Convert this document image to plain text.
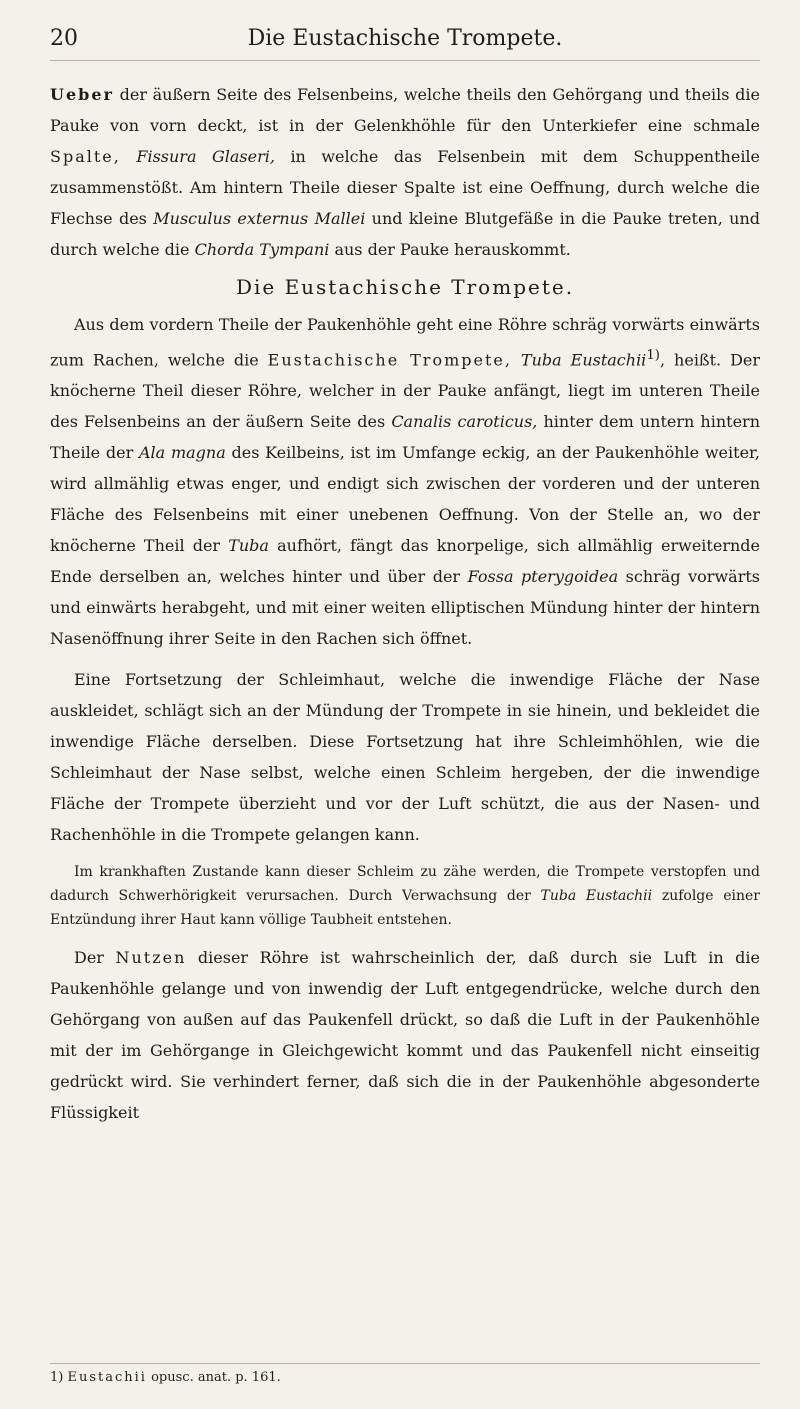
20	Die Eustachische Trompete.

Ueber der äußern Seite des Felsenbeins, welche theils den Gehörgang und theils die Pauke von vorn deckt, ist in der Gelenkhöhle für den Unterkiefer eine schmale Spalte, Fissura Glaseri, in welche das Felsenbein mit dem Schuppentheile zusammenstößt. Am hintern Theile dieser Spalte ist eine Oeffnung, durch welche die Flechse des Musculus externus Mallei und kleine Blutgefäße in die Pauke treten, und durch welche die Chorda Tympani aus der Pauke herauskommt.

Die Eustachische Trompete.

Aus dem vordern Theile der Paukenhöhle geht eine Röhre schräg vorwärts einwärts zum Rachen, welche die Eustachische Trompete, Tuba Eustachii$^{1)}$, heißt. Der knöcherne Theil dieser Röhre, welcher in der Pauke anfängt, liegt im unteren Theile des Felsenbeins an der äußern Seite des Canalis caroticus, hinter dem untern hintern Theile der Ala magna des Keilbeins, ist im Umfange eckig, an der Paukenhöhle weiter, wird allmählig etwas enger, und endigt sich zwischen der vorderen und der unteren Fläche des Felsenbeins mit einer unebenen Oeffnung. Von der Stelle an, wo der knöcherne Theil der Tuba aufhört, fängt das knorpelige, sich allmählig erweiternde Ende derselben an, welches hinter und über der Fossa pterygoidea schräg vorwärts und einwärts herabgeht, und mit einer weiten elliptischen Mündung hinter der hintern Nasenöffnung ihrer Seite in den Rachen sich öffnet.

Eine Fortsetzung der Schleimhaut, welche die inwendige Fläche der Nase auskleidet, schlägt sich an der Mündung der Trompete in sie hinein, und bekleidet die inwendige Fläche derselben. Diese Fortsetzung hat ihre Schleimhöhlen, wie die Schleimhaut der Nase selbst, welche einen Schleim hergeben, der die inwendige Fläche der Trompete überzieht und vor der Luft schützt, die aus der Nasen- und Rachenhöhle in die Trompete gelangen kann.

Im krankhaften Zustande kann dieser Schleim zu zähe werden, die Trompete verstopfen und dadurch Schwerhörigkeit verursachen. Durch Verwachsung der Tuba Eustachii zufolge einer Entzündung ihrer Haut kann völlige Taubheit entstehen.

Der Nutzen dieser Röhre ist wahrscheinlich der, daß durch sie Luft in die Paukenhöhle gelange und von inwendig der Luft entgegendrücke, welche durch den Gehörgang von außen auf das Paukenfell drückt, so daß die Luft in der Paukenhöhle mit der im Gehörgange in Gleichgewicht kommt und das Paukenfell nicht einseitig gedrückt wird. Sie verhindert ferner, daß sich die in der Paukenhöhle abgesonderte Flüssigkeit

1) Eustachii opusc. anat. p. 161.
